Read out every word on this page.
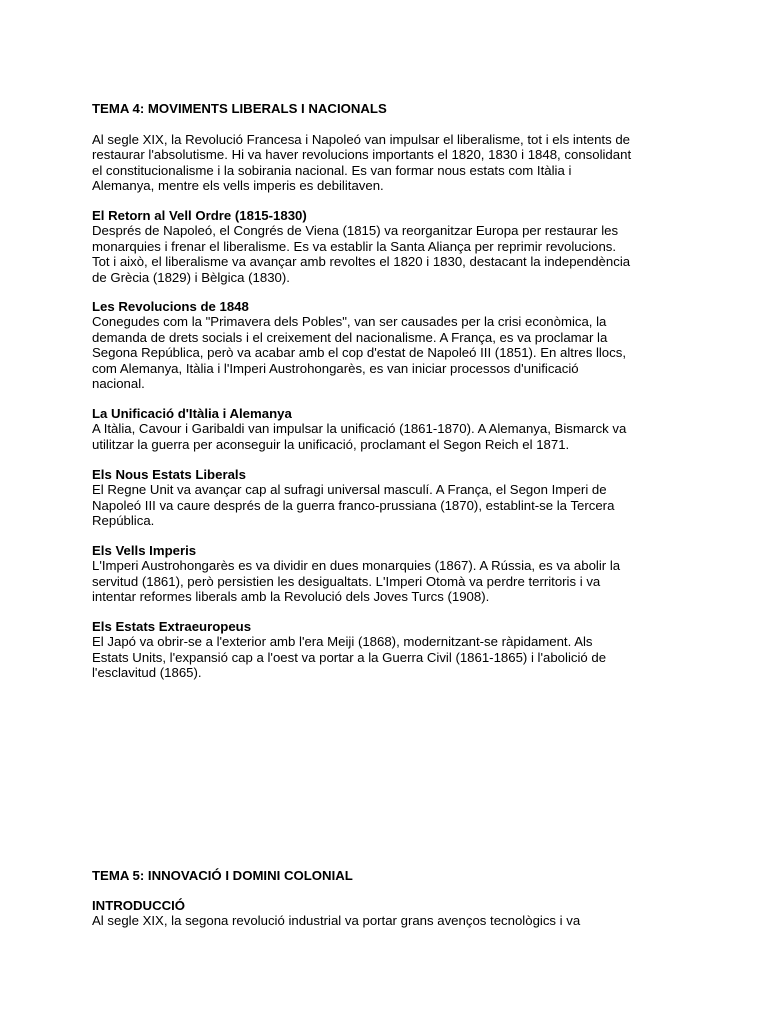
TEMA 4: MOVIMENTS LIBERALS I NACIONALS
Al segle XIX, la Revolució Francesa i Napoleó van impulsar el liberalisme, tot i els intents de
restaurar l'absolutisme. Hi va haver revolucions importants el 1820, 1830 i 1848, consolidant
el constitucionalisme i la sobirania nacional. Es van formar nous estats com Itàlia i
Alemanya, mentre els vells imperis es debilitaven.
El Retorn al Vell Ordre (1815-1830)
Després de Napoleó, el Congrés de Viena (1815) va reorganitzar Europa per restaurar les
monarquies i frenar el liberalisme. Es va establir la Santa Aliança per reprimir revolucions.
Tot i això, el liberalisme va avançar amb revoltes el 1820 i 1830, destacant la independència
de Grècia (1829) i Bèlgica (1830).
Les Revolucions de 1848
Conegudes com la "Primavera dels Pobles", van ser causades per la crisi econòmica, la
demanda de drets socials i el creixement del nacionalisme. A França, es va proclamar la
Segona República, però va acabar amb el cop d'estat de Napoleó III (1851). En altres llocs,
com Alemanya, Itàlia i l'Imperi Austrohongarès, es van iniciar processos d'unificació
nacional.
La Unificació d'Itàlia i Alemanya
A Itàlia, Cavour i Garibaldi van impulsar la unificació (1861-1870). A Alemanya, Bismarck va
utilitzar la guerra per aconseguir la unificació, proclamant el Segon Reich el 1871.
Els Nous Estats Liberals
El Regne Unit va avançar cap al sufragi universal masculí. A França, el Segon Imperi de
Napoleó III va caure després de la guerra franco-prussiana (1870), establint-se la Tercera
República.
Els Vells Imperis
L'Imperi Austrohongarès es va dividir en dues monarquies (1867). A Rússia, es va abolir la
servitud (1861), però persistien les desigualtats. L'Imperi Otomà va perdre territoris i va
intentar reformes liberals amb la Revolució dels Joves Turcs (1908).
Els Estats Extraeuropeus
El Japó va obrir-se a l'exterior amb l'era Meiji (1868), modernitzant-se ràpidament. Als
Estats Units, l'expansió cap a l'oest va portar a la Guerra Civil (1861-1865) i l'abolició de
l'esclavitud (1865).
TEMA 5: INNOVACIÓ I DOMINI COLONIAL
INTRODUCCIÓ
Al segle XIX, la segona revolució industrial va portar grans avenços tecnològics i va
